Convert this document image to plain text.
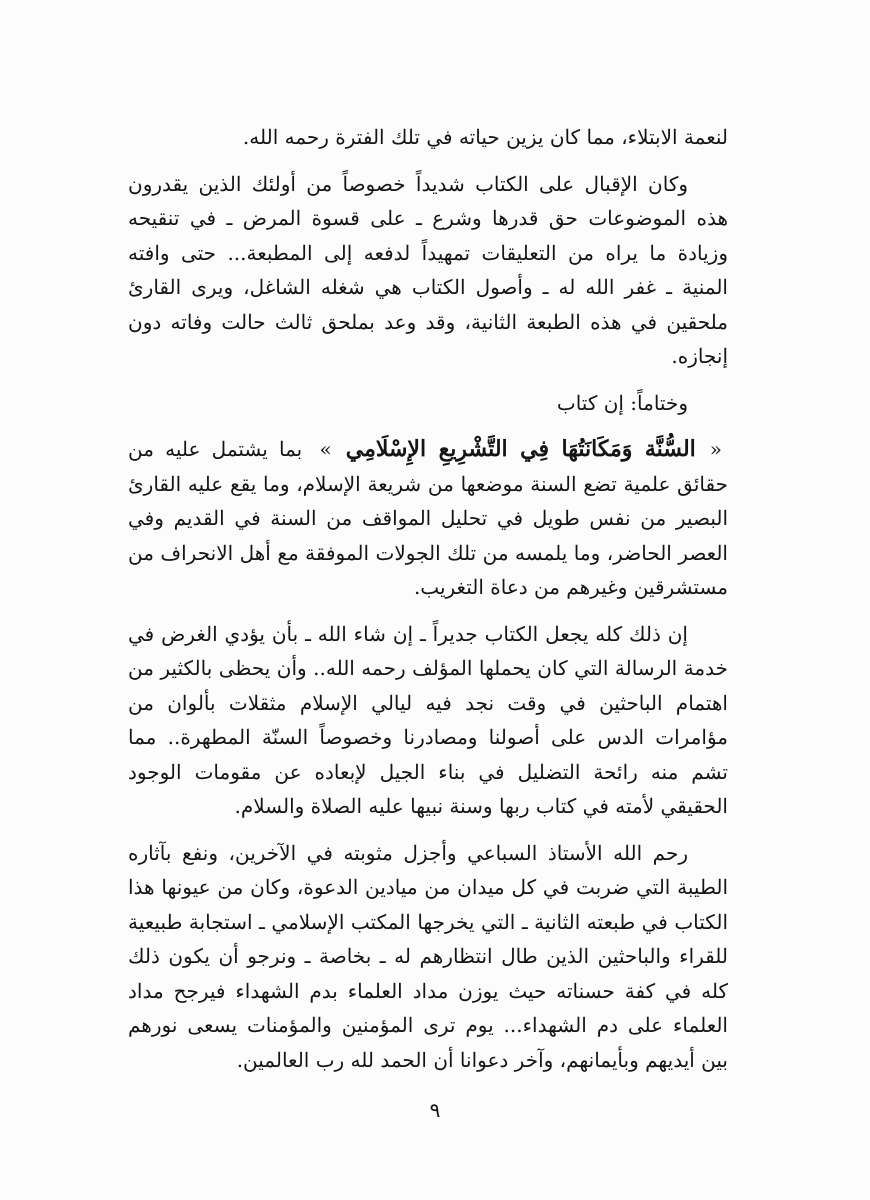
لنعمة الابتلاء، مما كان يزين حياته في تلك الفترة رحمه الله.

وكان الإقبال على الكتاب شديداً خصوصاً من أولئك الذين يقدرون هذه الموضوعات حق قدرها وشرع ـ على قسوة المرض ـ في تنقيحه وزيادة ما يراه من التعليقات تمهيداً لدفعه إلى المطبعة... حتى وافته المنية ـ غفر الله له ـ وأصول الكتاب هي شغله الشاغل، ويرى القارئ ملحقين في هذه الطبعة الثانية، وقد وعد بملحق ثالث حالت وفاته دون إنجازه.

وختاماً: إن كتاب

«السُّنَّة وَمَكَانَتُهَا فِي التَّشْرِيعِ الإِسْلَامِي» بما يشتمل عليه من حقائق علمية تضع السنة موضعها من شريعة الإسلام، وما يقع عليه القارئ البصير من نفس طويل في تحليل المواقف من السنة في القديم وفي العصر الحاضر، وما يلمسه من تلك الجولات الموفقة مع أهل الانحراف من مستشرقين وغيرهم من دعاة التغريب.

إن ذلك كله يجعل الكتاب جديراً ـ إن شاء الله ـ بأن يؤدي الغرض في خدمة الرسالة التي كان يحملها المؤلف رحمه الله.. وأن يحظى بالكثير من اهتمام الباحثين في وقت نجد فيه ليالي الإسلام مثقلات بألوان من مؤامرات الدس على أصولنا ومصادرنا وخصوصاً السنّة المطهرة.. مما تشم منه رائحة التضليل في بناء الجيل لإبعاده عن مقومات الوجود الحقيقي لأمته في كتاب ربها وسنة نبيها عليه الصلاة والسلام.

رحم الله الأستاذ السباعي وأجزل مثوبته في الآخرين، ونفع بآثاره الطيبة التي ضربت في كل ميدان من ميادين الدعوة، وكان من عيونها هذا الكتاب في طبعته الثانية ـ التي يخرجها المكتب الإسلامي ـ استجابة طبيعية للقراء والباحثين الذين طال انتظارهم له ـ بخاصة ـ ونرجو أن يكون ذلك كله في كفة حسناته حيث يوزن مداد العلماء بدم الشهداء فيرجح مداد العلماء على دم الشهداء... يوم ترى المؤمنين والمؤمنات يسعى نورهم بين أيديهم وبأيمانهم، وآخر دعوانا أن الحمد لله رب العالمين.

٩
